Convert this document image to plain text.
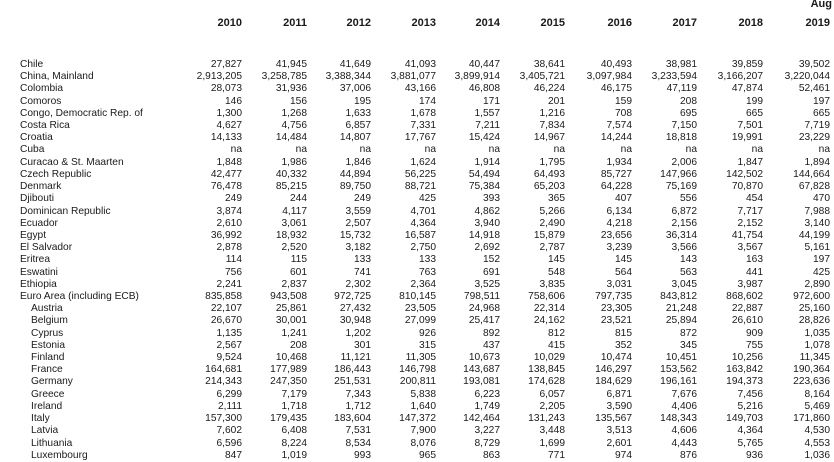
Aug
2010	2011	2012	2013	2014	2015	2016	2017	2018	2019
Chile	27,827	41,945	41,649	41,093	40,447	38,641	40,493	38,981	39,859	39,502
China, Mainland	2,913,205	3,258,785	3,388,344	3,881,077	3,899,914	3,405,721	3,097,984	3,233,594	3,166,207	3,220,044
Colombia	28,073	31,936	37,006	43,166	46,808	46,224	46,175	47,119	47,874	52,461
Comoros	146	156	195	174	171	201	159	208	199	197
Congo, Democratic Rep. of	1,300	1,268	1,633	1,678	1,557	1,216	708	695	665	665
Costa Rica	4,627	4,756	6,857	7,331	7,211	7,834	7,574	7,150	7,501	7,719
Croatia	14,133	14,484	14,807	17,767	15,424	14,967	14,244	18,818	19,991	23,229
Cuba	na	na	na	na	na	na	na	na	na	na
Curacao & St. Maarten	1,848	1,986	1,846	1,624	1,914	1,795	1,934	2,006	1,847	1,894
Czech Republic	42,477	40,332	44,894	56,225	54,494	64,493	85,727	147,966	142,502	144,664
Denmark	76,478	85,215	89,750	88,721	75,384	65,203	64,228	75,169	70,870	67,828
Djibouti	249	244	249	425	393	365	407	556	454	470
Dominican Republic	3,874	4,117	3,559	4,701	4,862	5,266	6,134	6,872	7,717	7,988
Ecuador	2,610	3,061	2,507	4,364	3,940	2,490	4,218	2,156	2,152	3,140
Egypt	36,992	18,932	15,732	16,587	14,918	15,879	23,656	36,314	41,754	44,199
El Salvador	2,878	2,520	3,182	2,750	2,692	2,787	3,239	3,566	3,567	5,161
Eritrea	114	115	133	133	152	145	145	143	163	197
Eswatini	756	601	741	763	691	548	564	563	441	425
Ethiopia	2,241	2,837	2,302	2,364	3,525	3,835	3,031	3,045	3,987	2,890
Euro Area (including ECB)	835,858	943,508	972,725	810,145	798,511	758,606	797,735	843,812	868,602	972,600
Austria	22,107	25,861	27,432	23,505	24,968	22,314	23,305	21,248	22,887	25,160
Belgium	26,670	30,001	30,948	27,099	25,417	24,162	23,521	25,894	26,610	28,826
Cyprus	1,135	1,241	1,202	926	892	812	815	872	909	1,035
Estonia	2,567	208	301	315	437	415	352	345	755	1,078
Finland	9,524	10,468	11,121	11,305	10,673	10,029	10,474	10,451	10,256	11,345
France	164,681	177,989	186,443	146,798	143,687	138,845	146,297	153,562	163,842	190,364
Germany	214,343	247,350	251,531	200,811	193,081	174,628	184,629	196,161	194,373	223,636
Greece	6,299	7,179	7,343	5,838	6,223	6,057	6,871	7,676	7,456	8,164
Ireland	2,111	1,718	1,712	1,640	1,749	2,205	3,590	4,406	5,216	5,469
Italy	157,300	179,435	183,604	147,372	142,464	131,243	135,567	148,343	149,703	171,860
Latvia	7,602	6,408	7,531	7,900	3,227	3,448	3,513	4,606	4,364	4,530
Lithuania	6,596	8,224	8,534	8,076	8,729	1,699	2,601	4,443	5,765	4,553
Luxembourg	847	1,019	993	965	863	771	974	876	936	1,036
